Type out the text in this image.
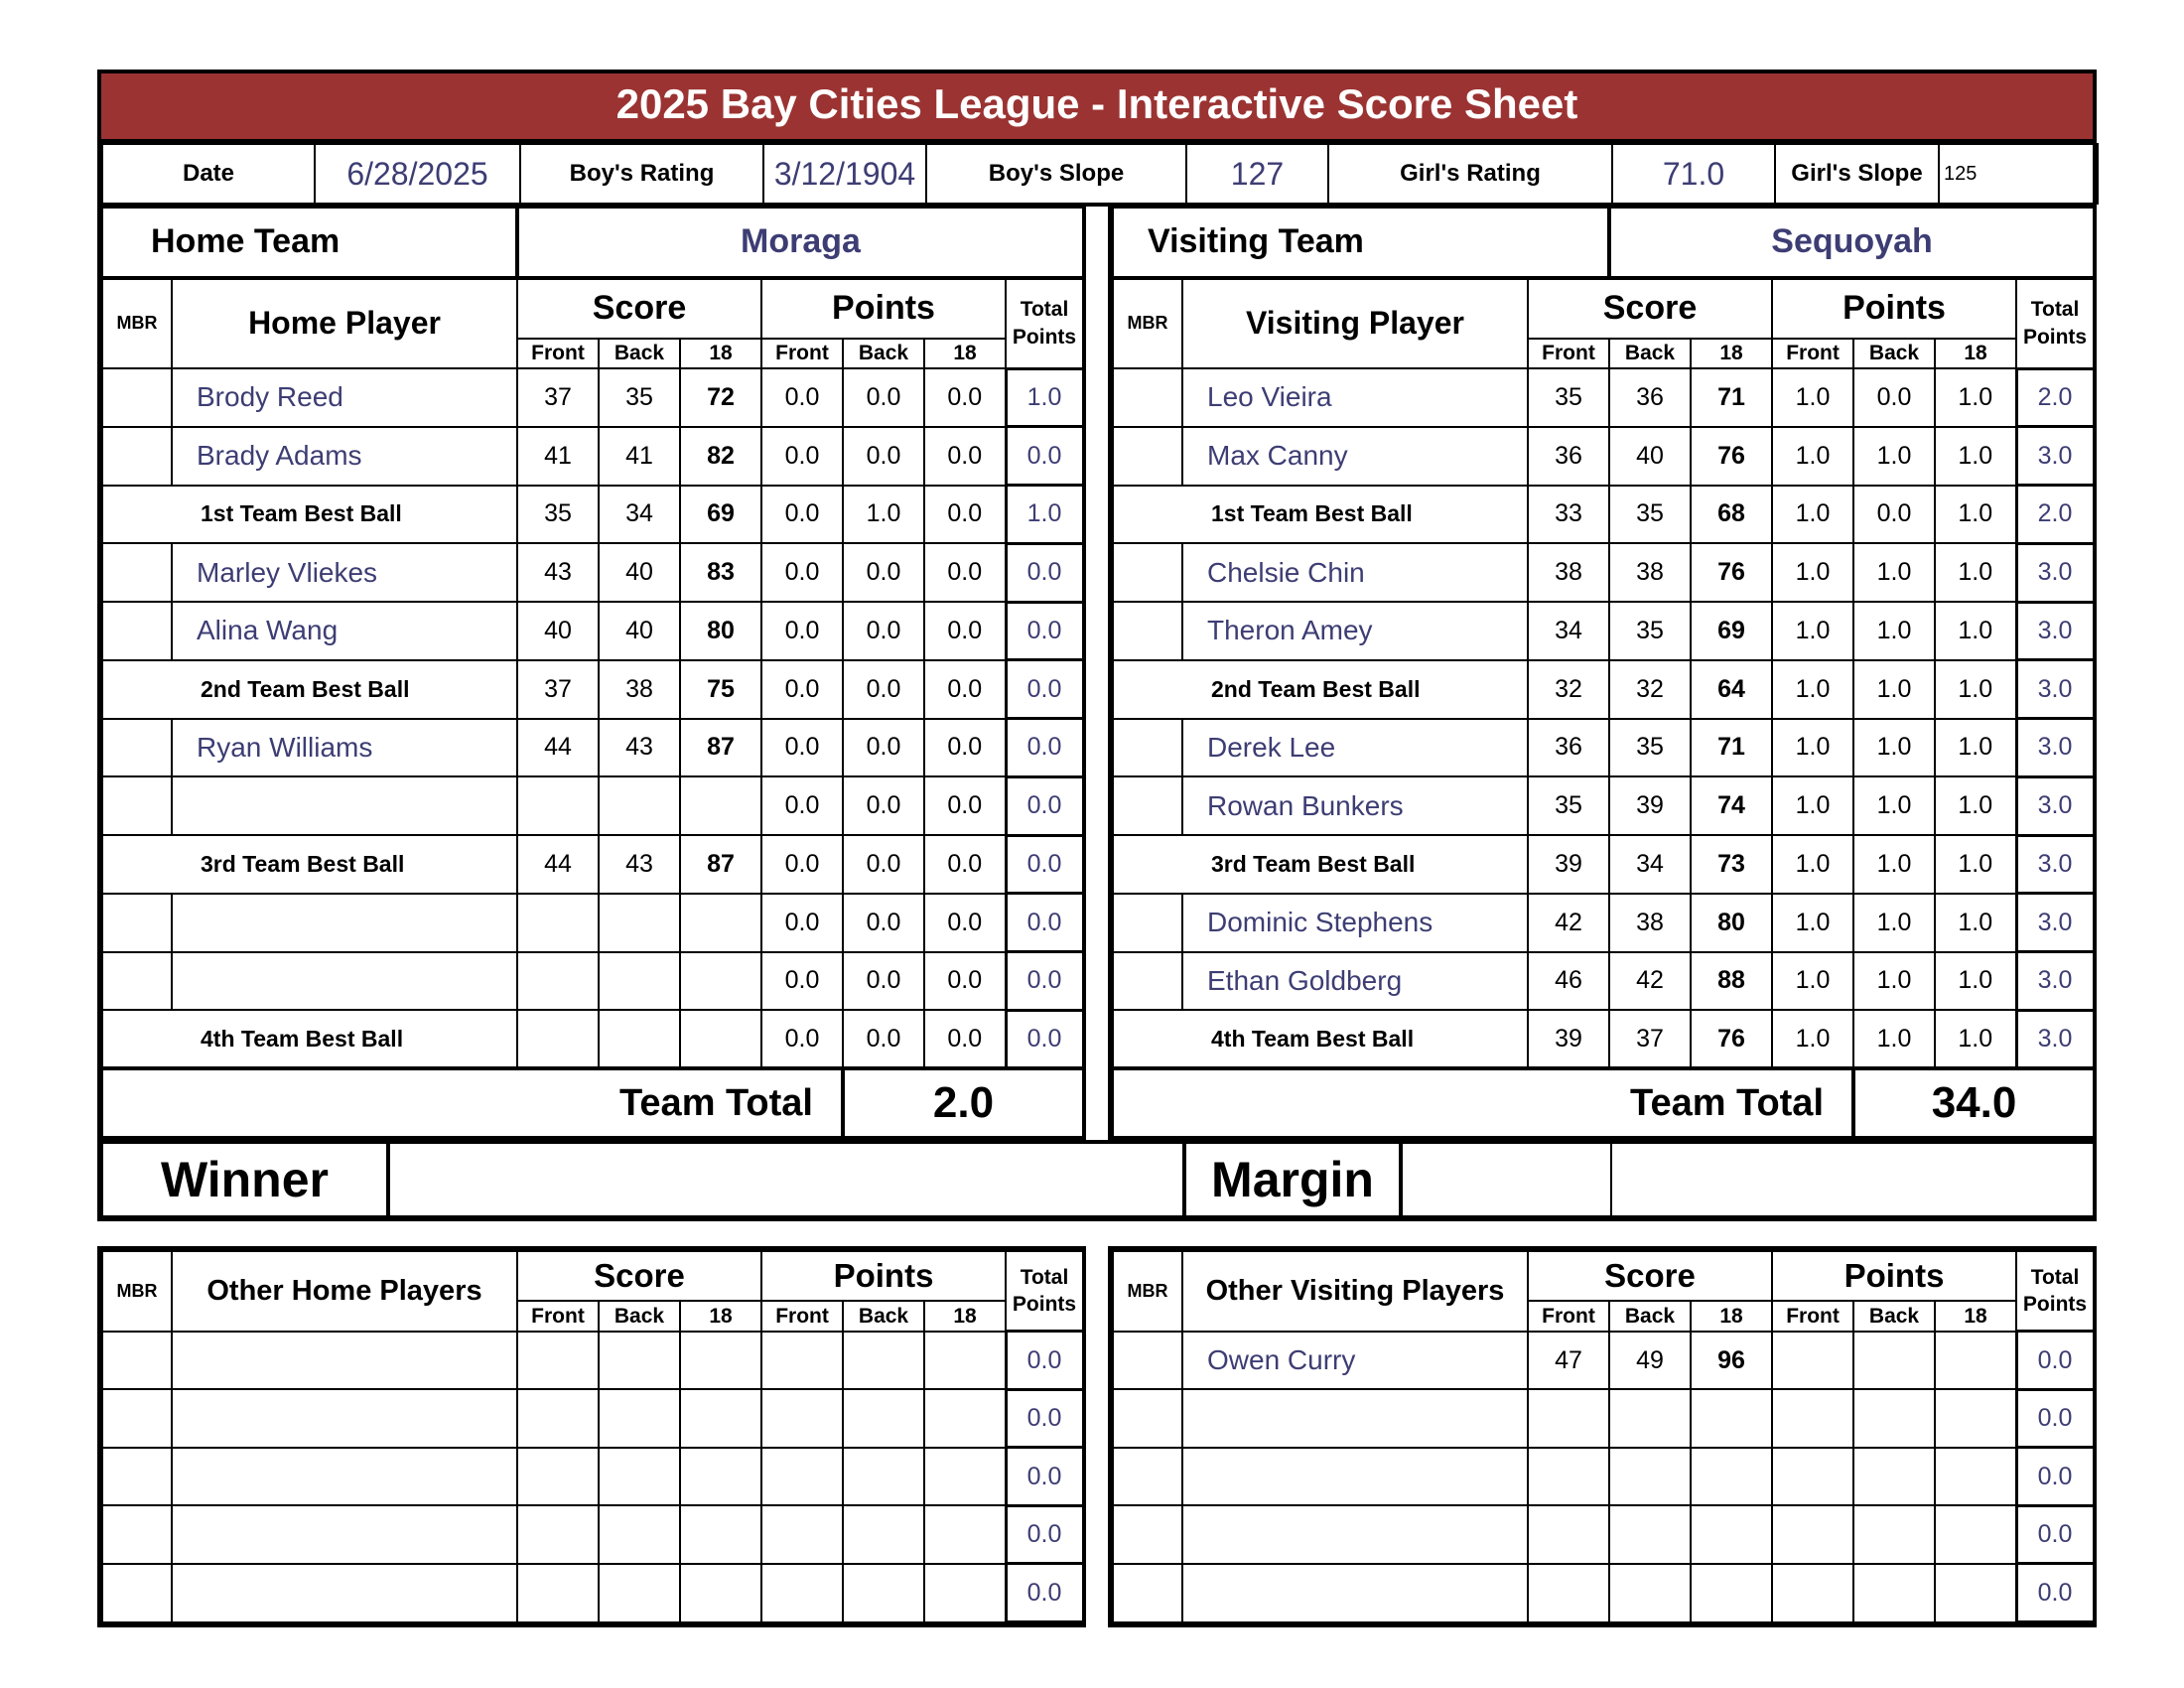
2025 Bay Cities League - Interactive Score Sheet
Date	6/28/2025	Boy's Rating	3/12/1904	Boy's Slope	127	Girl's Rating	71.0	Girl's Slope	125
Home Team		Moraga						
MBR	Home Player	Score			Points			Total Points
		Front	Back	18	Front	Back	18	
	Brody Reed	37	35	72	0.0	0.0	0.0	1.0
	Brady Adams	41	41	82	0.0	0.0	0.0	0.0
1st Team Best Ball		35	34	69	0.0	1.0	0.0	1.0
	Marley Vliekes	43	40	83	0.0	0.0	0.0	0.0
	Alina Wang	40	40	80	0.0	0.0	0.0	0.0
2nd Team Best Ball		37	38	75	0.0	0.0	0.0	0.0
	Ryan Williams	44	43	87	0.0	0.0	0.0	0.0
					0.0	0.0	0.0	0.0
3rd Team Best Ball		44	43	87	0.0	0.0	0.0	0.0
					0.0	0.0	0.0	0.0
					0.0	0.0	0.0	0.0
4th Team Best Ball					0.0	0.0	0.0	0.0
Team Total						2.0		
Visiting Team			Sequoyah					
MBR	Visiting Player	Score			Points			Total Points
		Front	Back	18	Front	Back	18	
	Leo Vieira	35	36	71	1.0	0.0	1.0	2.0
	Max Canny	36	40	76	1.0	1.0	1.0	3.0
1st Team Best Ball		33	35	68	1.0	0.0	1.0	2.0
	Chelsie Chin	38	38	76	1.0	1.0	1.0	3.0
	Theron Amey	34	35	69	1.0	1.0	1.0	3.0
2nd Team Best Ball		32	32	64	1.0	1.0	1.0	3.0
	Derek Lee	36	35	71	1.0	1.0	1.0	3.0
	Rowan Bunkers	35	39	74	1.0	1.0	1.0	3.0
3rd Team Best Ball		39	34	73	1.0	1.0	1.0	3.0
	Dominic Stephens	42	38	80	1.0	1.0	1.0	3.0
	Ethan Goldberg	46	42	88	1.0	1.0	1.0	3.0
4th Team Best Ball		39	37	76	1.0	1.0	1.0	3.0
Team Total						34.0		
Winner		Margin		
MBR	Other Home Players	Score			Points			Total Points
		Front	Back	18	Front	Back	18	
								0.0
								0.0
								0.0
								0.0
								0.0
MBR	Other Visiting Players	Score			Points			Total Points
		Front	Back	18	Front	Back	18	
	Owen Curry	47	49	96				0.0
								0.0
								0.0
								0.0
								0.0
